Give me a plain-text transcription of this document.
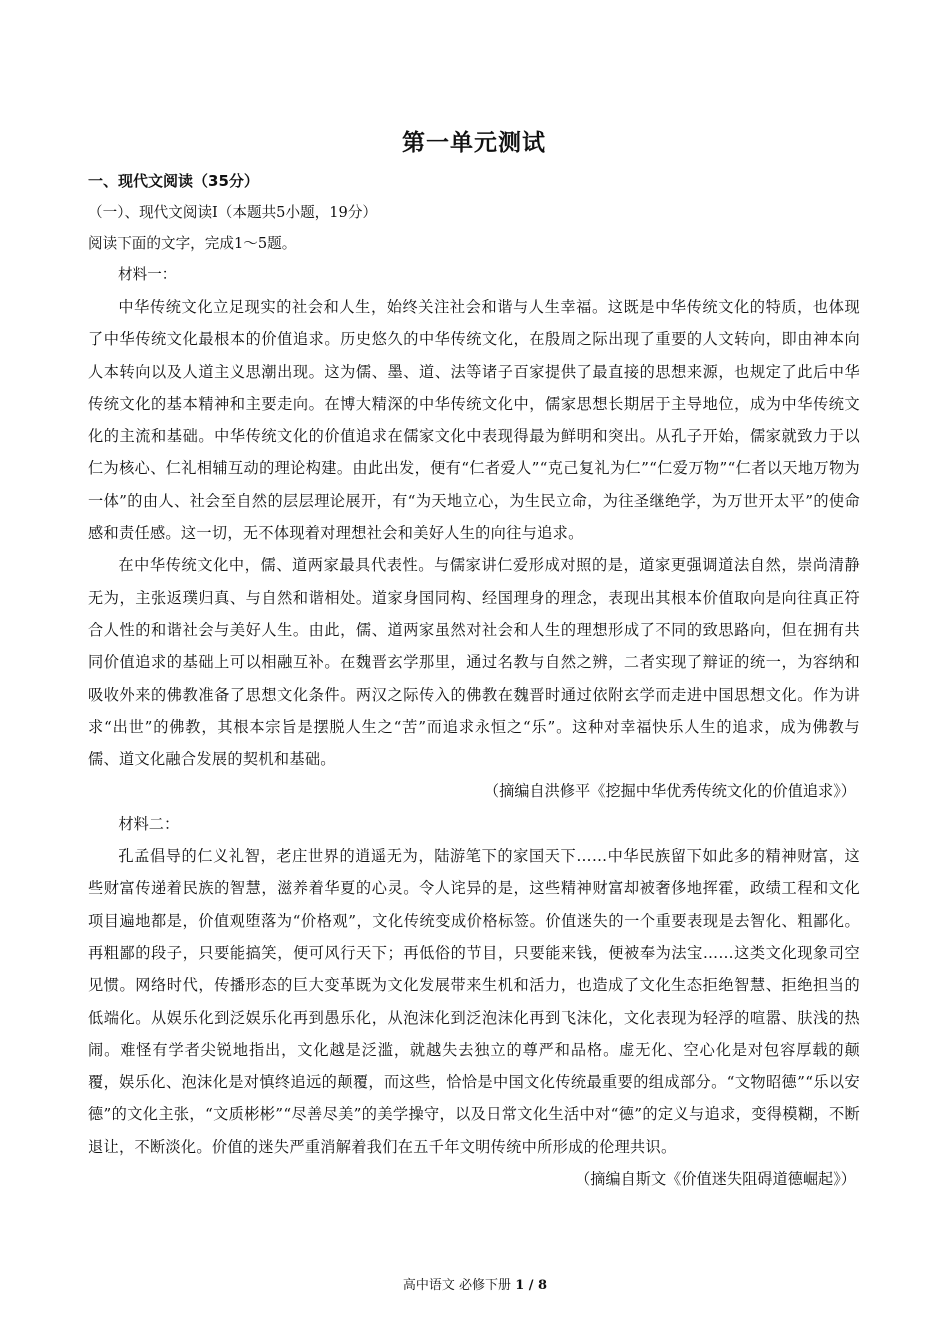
第一单元测试
一、现代文阅读（35分）
（一）、现代文阅读Ⅰ（本题共5小题，19分）
阅读下面的文字，完成1～5题。
材料一：

中华传统文化立足现实的社会和人生，始终关注社会和谐与人生幸福。这既是中华传统文化的特质，也体现了中华传统文化最根本的价值追求。历史悠久的中华传统文化，在殷周之际出现了重要的人文转向，即由神本向人本转向以及人道主义思潮出现。这为儒、墨、道、法等诸子百家提供了最直接的思想来源，也规定了此后中华传统文化的基本精神和主要走向。在博大精深的中华传统文化中，儒家思想长期居于主导地位，成为中华传统文化的主流和基础。中华传统文化的价值追求在儒家文化中表现得最为鲜明和突出。从孔子开始，儒家就致力于以仁为核心、仁礼相辅互动的理论构建。由此出发，便有“仁者爱人”“克己复礼为仁”“仁爱万物”“仁者以天地万物为一体”的由人、社会至自然的层层理论展开，有“为天地立心，为生民立命，为往圣继绝学，为万世开太平”的使命感和责任感。这一切，无不体现着对理想社会和美好人生的向往与追求。

在中华传统文化中，儒、道两家最具代表性。与儒家讲仁爱形成对照的是，道家更强调道法自然，崇尚清静无为，主张返璞归真、与自然和谐相处。道家身国同构、经国理身的理念，表现出其根本价值取向是向往真正符合人性的和谐社会与美好人生。由此，儒、道两家虽然对社会和人生的理想形成了不同的致思路向，但在拥有共同价值追求的基础上可以相融互补。在魏晋玄学那里，通过名教与自然之辨，二者实现了辩证的统一，为容纳和吸收外来的佛教准备了思想文化条件。两汉之际传入的佛教在魏晋时通过依附玄学而走进中国思想文化。作为讲求“出世”的佛教，其根本宗旨是摆脱人生之“苦”而追求永恒之“乐”。这种对幸福快乐人生的追求，成为佛教与儒、道文化融合发展的契机和基础。

（摘编自洪修平《挖掘中华优秀传统文化的价值追求》）

材料二：

孔孟倡导的仁义礼智，老庄世界的逍遥无为，陆游笔下的家国天下……中华民族留下如此多的精神财富，这些财富传递着民族的智慧，滋养着华夏的心灵。令人诧异的是，这些精神财富却被奢侈地挥霍，政绩工程和文化项目遍地都是，价值观堕落为“价格观”，文化传统变成价格标签。价值迷失的一个重要表现是去智化、粗鄙化。再粗鄙的段子，只要能搞笑，便可风行天下；再低俗的节目，只要能来钱，便被奉为法宝……这类文化现象司空见惯。网络时代，传播形态的巨大变革既为文化发展带来生机和活力，也造成了文化生态拒绝智慧、拒绝担当的低端化。从娱乐化到泛娱乐化再到愚乐化，从泡沫化到泛泡沫化再到飞沫化，文化表现为轻浮的喧嚣、肤浅的热闹。难怪有学者尖锐地指出，文化越是泛滥，就越失去独立的尊严和品格。虚无化、空心化是对包容厚载的颠覆，娱乐化、泡沫化是对慎终追远的颠覆，而这些，恰恰是中国文化传统最重要的组成部分。“文物昭德”“乐以安德”的文化主张，“文质彬彬”“尽善尽美”的美学操守，以及日常文化生活中对“德”的定义与追求，变得模糊，不断退让，不断淡化。价值的迷失严重消解着我们在五千年文明传统中所形成的伦理共识。

（摘编自斯文《价值迷失阻碍道德崛起》）

高中语文 必修下册 1 / 8
